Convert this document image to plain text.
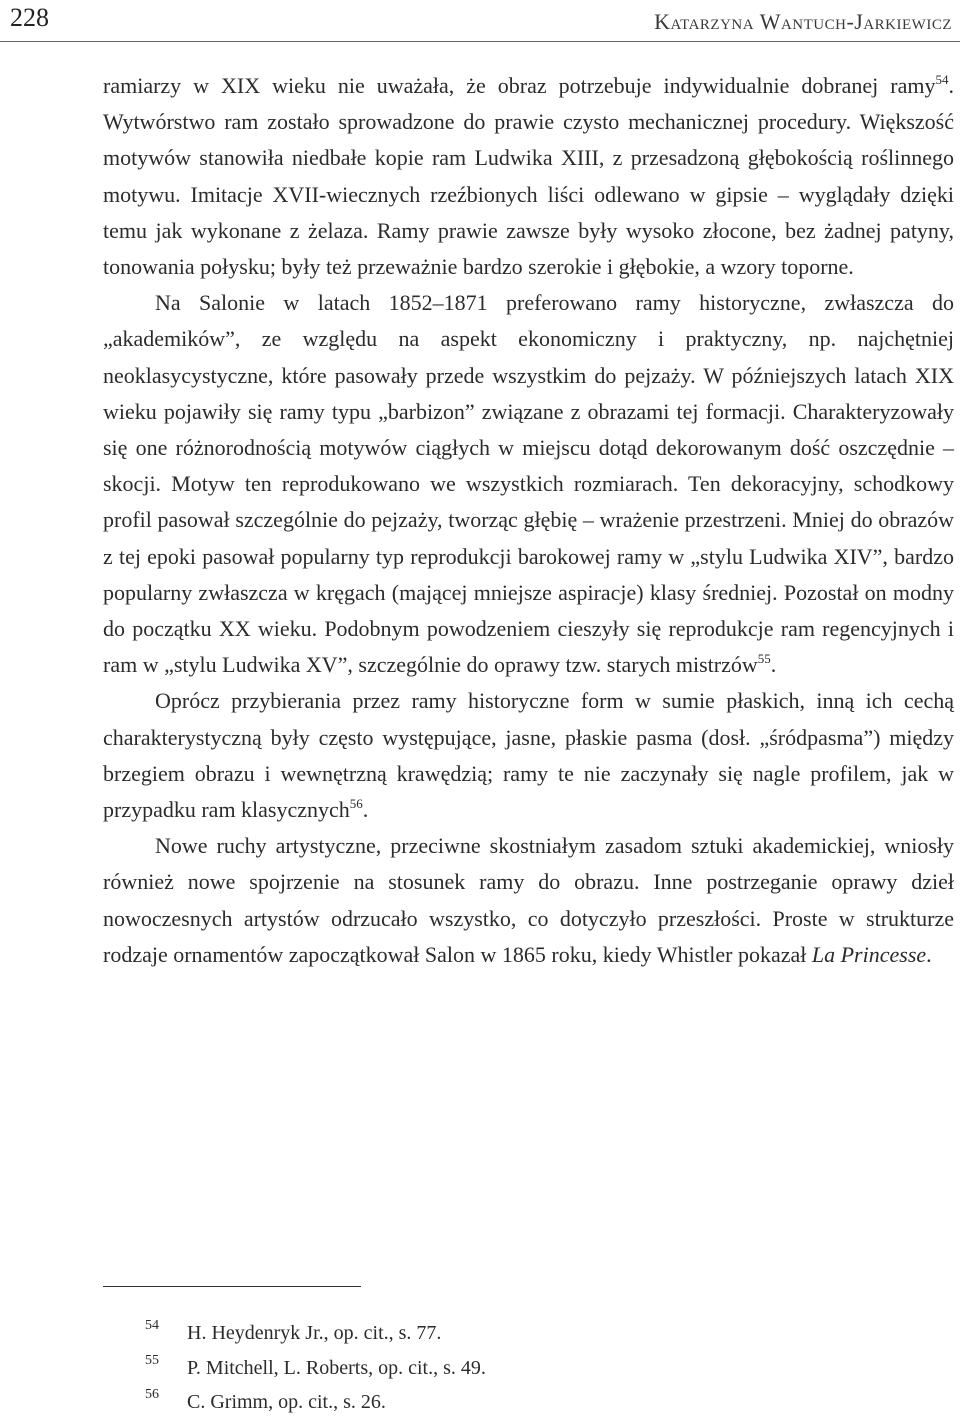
228	Katarzyna Wantuch-Jarkiewicz

ramiarzy w XIX wieku nie uważała, że obraz potrzebuje indywidualnie dobranej ramy$^{54}$. Wytwórstwo ram zostało sprowadzone do prawie czysto mechanicznej procedury. Większość motywów stanowiła niedbałe kopie ram Ludwika XIII, z przesadzoną głębokością roślinnego motywu. Imitacje XVII-wiecznych rzeźbionych liści odlewano w gipsie – wyglądały dzięki temu jak wykonane z żelaza. Ramy prawie zawsze były wysoko złocone, bez żadnej patyny, tonowania połysku; były też przeważnie bardzo szerokie i głębokie, a wzory toporne.

Na Salonie w latach 1852–1871 preferowano ramy historyczne, zwłaszcza do „akademików”, ze względu na aspekt ekonomiczny i praktyczny, np. najchętniej neoklasycystyczne, które pasowały przede wszystkim do pejzaży. W późniejszych latach XIX wieku pojawiły się ramy typu „barbizon” związane z obrazami tej formacji. Charakteryzowały się one różnorodnością motywów ciągłych w miejscu dotąd dekorowanym dość oszczędnie – skocji. Motyw ten reprodukowano we wszystkich rozmiarach. Ten dekoracyjny, schodkowy profil pasował szczególnie do pejzaży, tworząc głębię – wrażenie przestrzeni. Mniej do obrazów z tej epoki pasował popularny typ reprodukcji barokowej ramy w „stylu Ludwika XIV”, bardzo popularny zwłaszcza w kręgach (mającej mniejsze aspiracje) klasy średniej. Pozostał on modny do początku XX wieku. Podobnym powodzeniem cieszyły się reprodukcje ram regencyjnych i ram w „stylu Ludwika XV”, szczególnie do oprawy tzw. starych mistrzów$^{55}$.

Oprócz przybierania przez ramy historyczne form w sumie płaskich, inną ich cechą charakterystyczną były często występujące, jasne, płaskie pasma (dosł. „śródpasma”) między brzegiem obrazu i wewnętrzną krawędzią; ramy te nie zaczynały się nagle profilem, jak w przypadku ram klasycznych$^{56}$.

Nowe ruchy artystyczne, przeciwne skostniałym zasadom sztuki akademickiej, wniosły również nowe spojrzenie na stosunek ramy do obrazu. Inne postrzeganie oprawy dzieł nowoczesnych artystów odrzucało wszystko, co dotyczyło przeszłości. Proste w strukturze rodzaje ornamentów zapoczątkował Salon w 1865 roku, kiedy Whistler pokazał La Princesse.

54	H. Heydenryk Jr., op. cit., s. 77.
55	P. Mitchell, L. Roberts, op. cit., s. 49.
56	C. Grimm, op. cit., s. 26.
